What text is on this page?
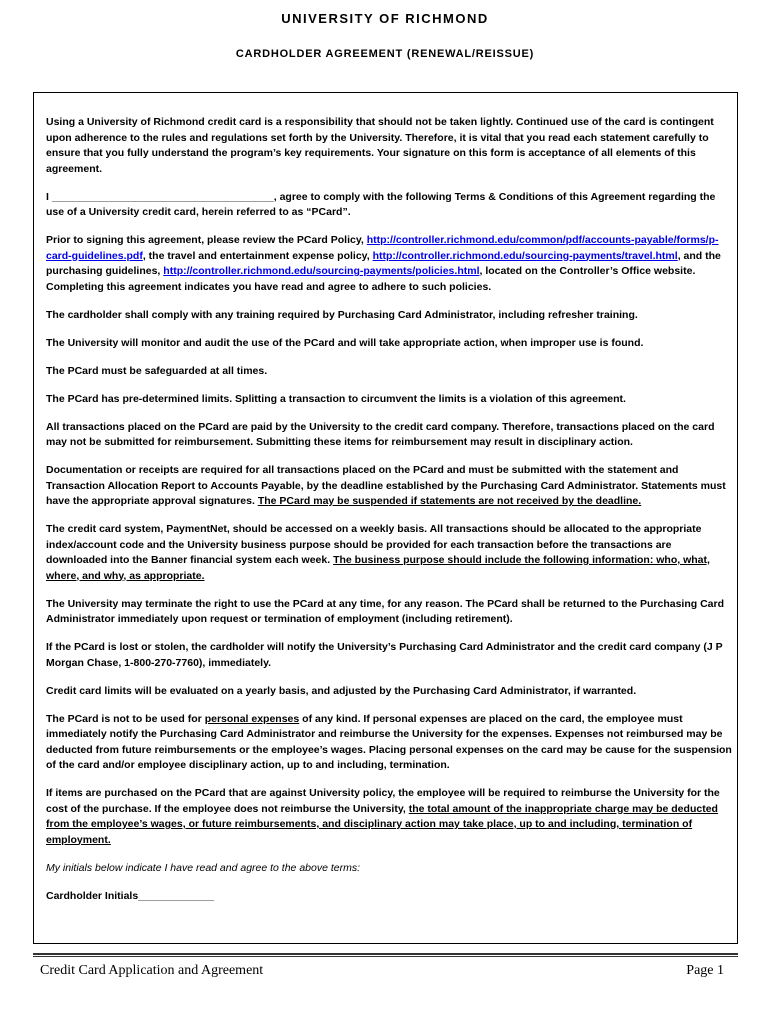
UNIVERSITY OF RICHMOND
CARDHOLDER AGREEMENT (RENEWAL/REISSUE)

Using a University of Richmond credit card is a responsibility that should not be taken lightly. Continued use of the card is contingent upon adherence to the rules and regulations set forth by the University. Therefore, it is vital that you read each statement carefully to ensure that you fully understand the program’s key requirements. Your signature on this form is acceptance of all elements of this agreement.

I ______________________________________, agree to comply with the following Terms & Conditions of this Agreement regarding the use of a University credit card, herein referred to as “PCard”.

Prior to signing this agreement, please review the PCard Policy, http://controller.richmond.edu/common/pdf/accounts-payable/forms/p-card-guidelines.pdf, the travel and entertainment expense policy, http://controller.richmond.edu/sourcing-payments/travel.html, and the purchasing guidelines, http://controller.richmond.edu/sourcing-payments/policies.html, located on the Controller’s Office website. Completing this agreement indicates you have read and agree to adhere to such policies.

The cardholder shall comply with any training required by Purchasing Card Administrator, including refresher training.

The University will monitor and audit the use of the PCard and will take appropriate action, when improper use is found.

The PCard must be safeguarded at all times.

The PCard has pre-determined limits. Splitting a transaction to circumvent the limits is a violation of this agreement.

All transactions placed on the PCard are paid by the University to the credit card company. Therefore, transactions placed on the card may not be submitted for reimbursement. Submitting these items for reimbursement may result in disciplinary action.

Documentation or receipts are required for all transactions placed on the PCard and must be submitted with the statement and Transaction Allocation Report to Accounts Payable, by the deadline established by the Purchasing Card Administrator. Statements must have the appropriate approval signatures. The PCard may be suspended if statements are not received by the deadline.

The credit card system, PaymentNet, should be accessed on a weekly basis. All transactions should be allocated to the appropriate index/account code and the University business purpose should be provided for each transaction before the transactions are downloaded into the Banner financial system each week. The business purpose should include the following information: who, what, where, and why, as appropriate.

The University may terminate the right to use the PCard at any time, for any reason. The PCard shall be returned to the Purchasing Card Administrator immediately upon request or termination of employment (including retirement).

If the PCard is lost or stolen, the cardholder will notify the University’s Purchasing Card Administrator and the credit card company (J P Morgan Chase, 1-800-270-7760), immediately.

Credit card limits will be evaluated on a yearly basis, and adjusted by the Purchasing Card Administrator, if warranted.

The PCard is not to be used for personal expenses of any kind. If personal expenses are placed on the card, the employee must immediately notify the Purchasing Card Administrator and reimburse the University for the expenses. Expenses not reimbursed may be deducted from future reimbursements or the employee’s wages. Placing personal expenses on the card may be cause for the suspension of the card and/or employee disciplinary action, up to and including, termination.

If items are purchased on the PCard that are against University policy, the employee will be required to reimburse the University for the cost of the purchase. If the employee does not reimburse the University, the total amount of the inappropriate charge may be deducted from the employee’s wages, or future reimbursements, and disciplinary action may take place, up to and including, termination of employment.

My initials below indicate I have read and agree to the above terms:

Cardholder Initials_____________

Credit Card Application and Agreement	Page 1
